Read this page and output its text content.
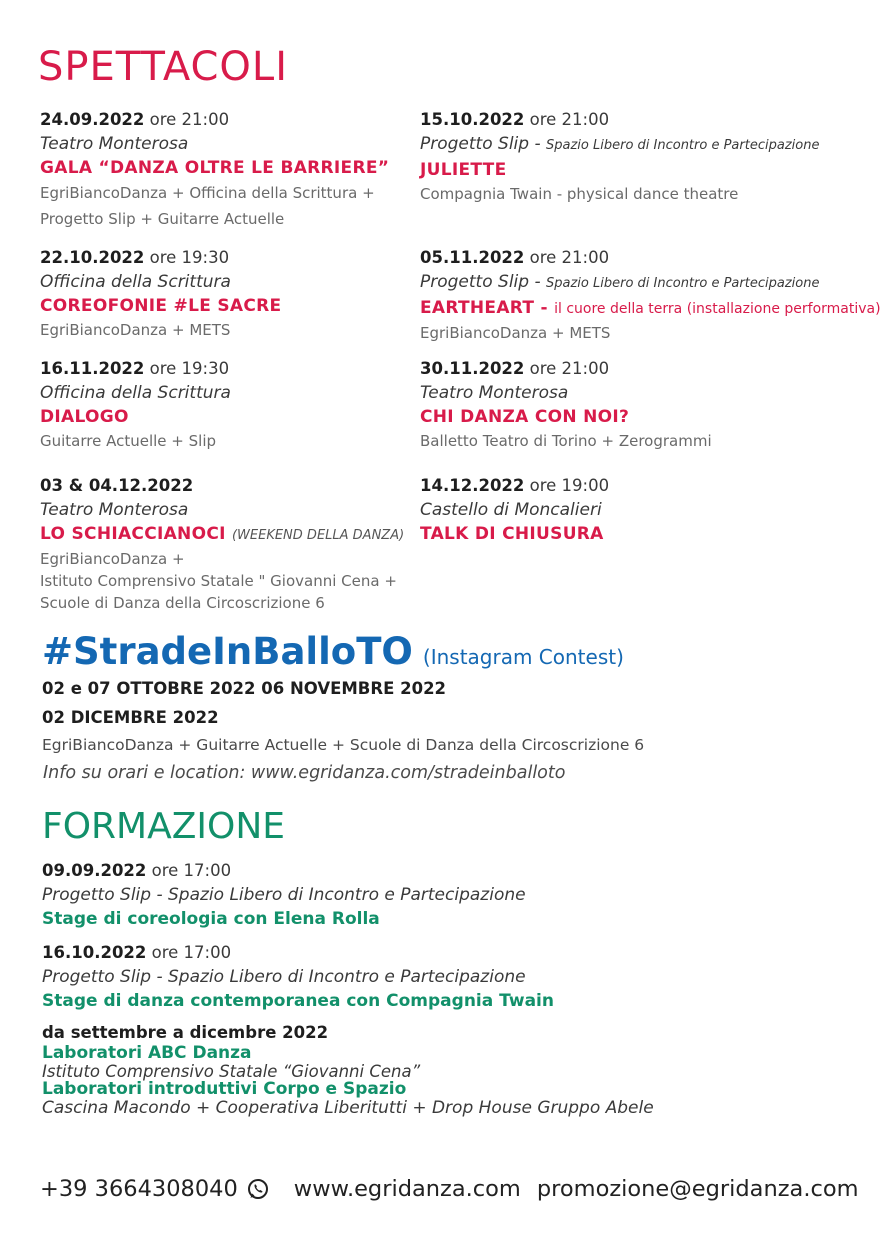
SPETTACOLI
24.09.2022 ore 21:00
Teatro Monterosa
GALA “DANZA OLTRE LE BARRIERE”
EgriBiancoDanza + Officina della Scrittura +
Progetto Slip + Guitarre Actuelle
15.10.2022 ore 21:00
Progetto Slip - Spazio Libero di Incontro e Partecipazione
JULIETTE
Compagnia Twain - physical dance theatre
22.10.2022 ore 19:30
Officina della Scrittura
COREOFONIE #LE SACRE
EgriBiancoDanza + METS
05.11.2022 ore 21:00
Progetto Slip - Spazio Libero di Incontro e Partecipazione
EARTHEART - il cuore della terra (installazione performativa)
EgriBiancoDanza + METS
16.11.2022 ore 19:30
Officina della Scrittura
DIALOGO
Guitarre Actuelle + Slip
30.11.2022 ore 21:00
Teatro Monterosa
CHI DANZA CON NOI?
Balletto Teatro di Torino + Zerogrammi
03 & 04.12.2022
Teatro Monterosa
LO SCHIACCIANOCI (WEEKEND DELLA DANZA)
EgriBiancoDanza +
Istituto Comprensivo Statale " Giovanni Cena +
Scuole di Danza della Circoscrizione 6
14.12.2022 ore 19:00
Castello di Moncalieri
TALK DI CHIUSURA
#StradeInBalloTO (Instagram Contest)
02 e 07 OTTOBRE 2022 06 NOVEMBRE 2022
02 DICEMBRE 2022
EgriBiancoDanza + Guitarre Actuelle + Scuole di Danza della Circoscrizione 6
Info su orari e location: www.egridanza.com/stradeinballoto
FORMAZIONE
09.09.2022 ore 17:00
Progetto Slip - Spazio Libero di Incontro e Partecipazione
Stage di coreologia con Elena Rolla
16.10.2022 ore 17:00
Progetto Slip - Spazio Libero di Incontro e Partecipazione
Stage di danza contemporanea con Compagnia Twain
da settembre a dicembre 2022
Laboratori ABC Danza
Istituto Comprensivo Statale “Giovanni Cena”
Laboratori introduttivi Corpo e Spazio
Cascina Macondo + Cooperativa Liberitutti + Drop House Gruppo Abele
+39 3664308040 www.egridanza.com promozione@egridanza.com
